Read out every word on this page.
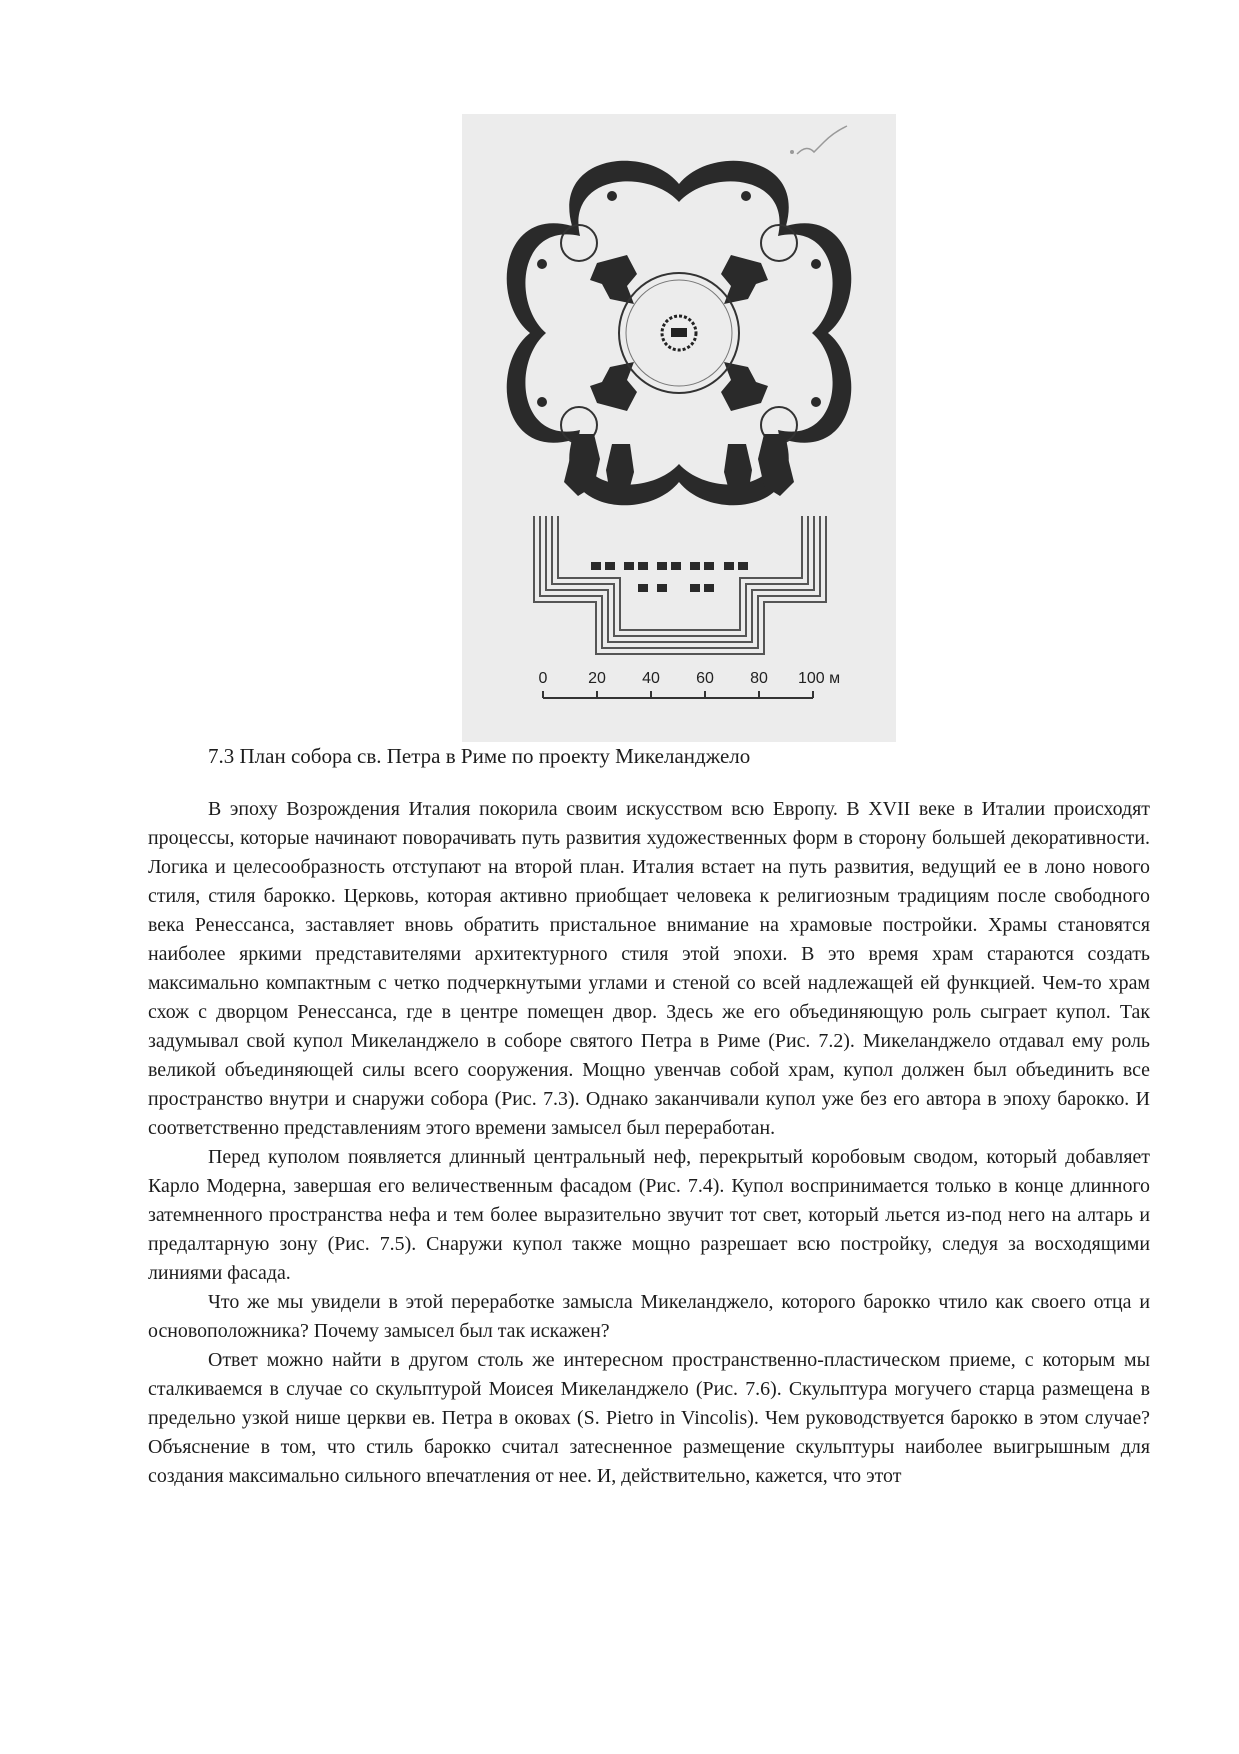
0	20 40 60 80 100 м
7.3 План собора св. Петра в Риме по проекту Микеланджело

В эпоху Возрождения Италия покорила своим искусством всю Европу. В XVII веке в Италии происходят процессы, которые начинают поворачивать путь развития художественных форм в сторону большей декоративности. Логика и целесообразность отступают на второй план. Италия встает на путь развития, ведущий ее в лоно нового стиля, стиля барокко. Церковь, которая активно приобщает человека к религиозным традициям после свободного века Ренессанса, заставляет вновь обратить пристальное внимание на храмовые постройки. Храмы становятся наиболее яркими представителями архитектурного стиля этой эпохи. В это время храм стараются создать максимально компактным с четко подчеркнутыми углами и стеной со всей надлежащей ей функцией. Чем-то храм схож с дворцом Ренессанса, где в центре помещен двор. Здесь же его объединяющую роль сыграет купол. Так задумывал свой купол Микеланджело в соборе святого Петра в Риме (Рис. 7.2). Микеланджело отдавал ему роль великой объединяющей силы всего сооружения. Мощно увенчав собой храм, купол должен был объединить все пространство внутри и снаружи собора (Рис. 7.3). Однако заканчивали купол уже без его автора в эпоху барокко. И соответственно представлениям этого времени замысел был переработан.

Перед куполом появляется длинный центральный неф, перекрытый коробовым сводом, который добавляет Карло Модерна, завершая его величественным фасадом (Рис. 7.4). Купол воспринимается только в конце длинного затемненного пространства нефа и тем более выразительно звучит тот свет, который льется из-под него на алтарь и предалтарную зону (Рис. 7.5). Снаружи купол также мощно разрешает всю постройку, следуя за восходящими линиями фасада.

Что же мы увидели в этой переработке замысла Микеланджело, которого барокко чтило как своего отца и основоположника? Почему замысел был так искажен?

Ответ можно найти в другом столь же интересном пространственно-пластическом приеме, с которым мы сталкиваемся в случае со скульптурой Моисея Микеланджело (Рис. 7.6). Скульптура могучего старца размещена в предельно узкой нише церкви ев. Петра в оковах (S. Pietro in Vincolis). Чем руководствуется барокко в этом случае? Объяснение в том, что стиль барокко считал затесненное размещение скульптуры наиболее выигрышным для создания максимально сильного впечатления от нее. И, действительно, кажется, что этот
